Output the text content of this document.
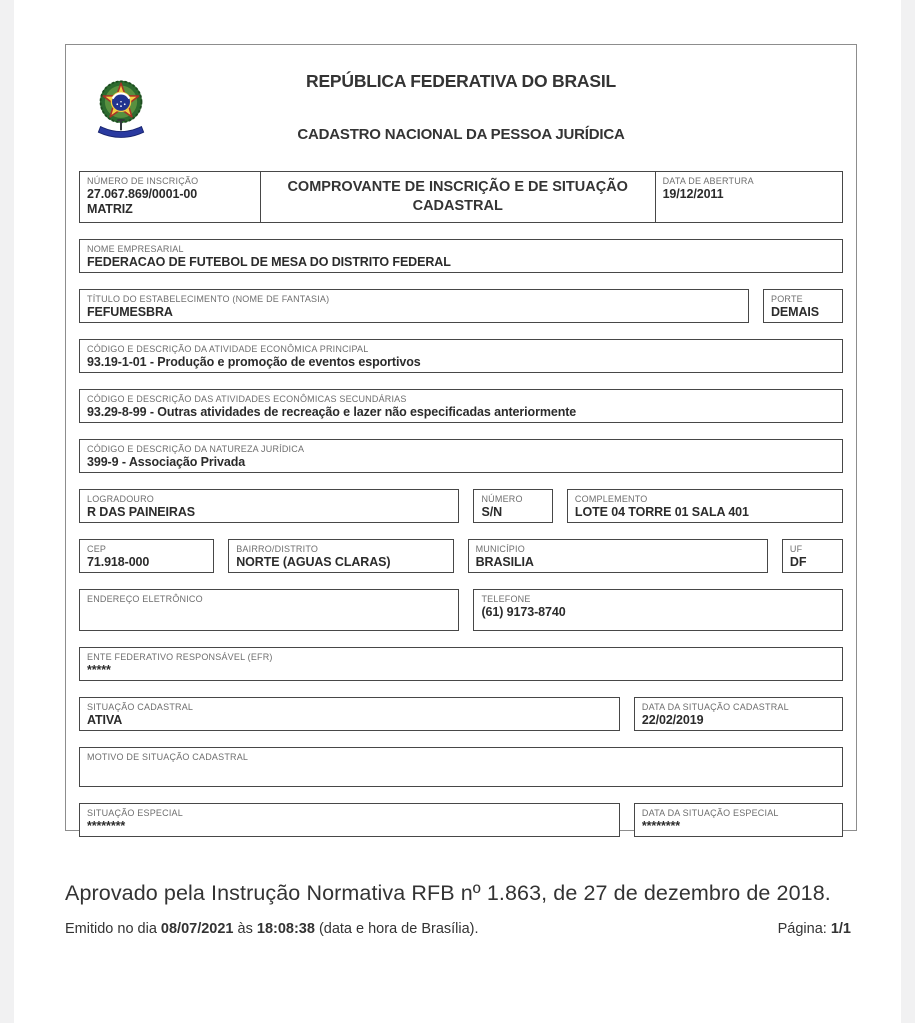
REPÚBLICA FEDERATIVA DO BRASIL
CADASTRO NACIONAL DA PESSOA JURÍDICA
NÚMERO DE INSCRIÇÃO
27.067.869/0001-00
MATRIZ
COMPROVANTE DE INSCRIÇÃO E DE SITUAÇÃO CADASTRAL
DATA DE ABERTURA
19/12/2011
NOME EMPRESARIAL
FEDERACAO DE FUTEBOL DE MESA DO DISTRITO FEDERAL
TÍTULO DO ESTABELECIMENTO (NOME DE FANTASIA)
FEFUMESBRA
PORTE
DEMAIS
CÓDIGO E DESCRIÇÃO DA ATIVIDADE ECONÔMICA PRINCIPAL
93.19-1-01 - Produção e promoção de eventos esportivos
CÓDIGO E DESCRIÇÃO DAS ATIVIDADES ECONÔMICAS SECUNDÁRIAS
93.29-8-99 - Outras atividades de recreação e lazer não especificadas anteriormente
CÓDIGO E DESCRIÇÃO DA NATUREZA JURÍDICA
399-9 - Associação Privada
LOGRADOURO
R DAS PAINEIRAS
NÚMERO
S/N
COMPLEMENTO
LOTE 04 TORRE 01 SALA 401
CEP
71.918-000
BAIRRO/DISTRITO
NORTE (AGUAS CLARAS)
MUNICÍPIO
BRASILIA
UF
DF
ENDEREÇO ELETRÔNICO	TELEFONE
(61) 9173-8740
ENTE FEDERATIVO RESPONSÁVEL (EFR)
*****
SITUAÇÃO CADASTRAL
ATIVA
DATA DA SITUAÇÃO CADASTRAL
22/02/2019
MOTIVO DE SITUAÇÃO CADASTRAL
SITUAÇÃO ESPECIAL
********
DATA DA SITUAÇÃO ESPECIAL
********
Aprovado pela Instrução Normativa RFB nº 1.863, de 27 de dezembro de 2018.
Emitido no dia 08/07/2021 às 18:08:38 (data e hora de Brasília).	Página: 1/1
